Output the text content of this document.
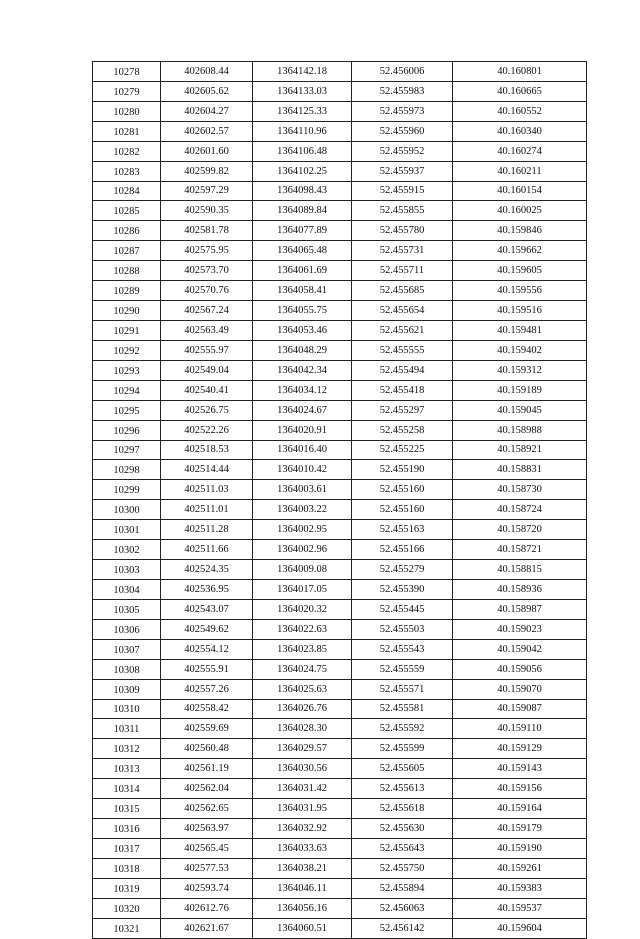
10278	402608.44	1364142.18	52.456006	40.160801
10279	402605.62	1364133.03	52.455983	40.160665
10280	402604.27	1364125.33	52.455973	40.160552
10281	402602.57	1364110.96	52.455960	40.160340
10282	402601.60	1364106.48	52.455952	40.160274
10283	402599.82	1364102.25	52.455937	40.160211
10284	402597.29	1364098.43	52.455915	40.160154
10285	402590.35	1364089.84	52.455855	40.160025
10286	402581.78	1364077.89	52.455780	40.159846
10287	402575.95	1364065.48	52.455731	40.159662
10288	402573.70	1364061.69	52.455711	40.159605
10289	402570.76	1364058.41	52.455685	40.159556
10290	402567.24	1364055.75	52.455654	40.159516
10291	402563.49	1364053.46	52.455621	40.159481
10292	402555.97	1364048.29	52.455555	40.159402
10293	402549.04	1364042.34	52.455494	40.159312
10294	402540.41	1364034.12	52.455418	40.159189
10295	402526.75	1364024.67	52.455297	40.159045
10296	402522.26	1364020.91	52.455258	40.158988
10297	402518.53	1364016.40	52.455225	40.158921
10298	402514.44	1364010.42	52.455190	40.158831
10299	402511.03	1364003.61	52.455160	40.158730
10300	402511.01	1364003.22	52.455160	40.158724
10301	402511.28	1364002.95	52.455163	40.158720
10302	402511.66	1364002.96	52.455166	40.158721
10303	402524.35	1364009.08	52.455279	40.158815
10304	402536.95	1364017.05	52.455390	40.158936
10305	402543.07	1364020.32	52.455445	40.158987
10306	402549.62	1364022.63	52.455503	40.159023
10307	402554.12	1364023.85	52.455543	40.159042
10308	402555.91	1364024.75	52.455559	40.159056
10309	402557.26	1364025.63	52.455571	40.159070
10310	402558.42	1364026.76	52.455581	40.159087
10311	402559.69	1364028.30	52.455592	40.159110
10312	402560.48	1364029.57	52.455599	40.159129
10313	402561.19	1364030.56	52.455605	40.159143
10314	402562.04	1364031.42	52.455613	40.159156
10315	402562.65	1364031.95	52.455618	40.159164
10316	402563.97	1364032.92	52.455630	40.159179
10317	402565.45	1364033.63	52.455643	40.159190
10318	402577.53	1364038.21	52.455750	40.159261
10319	402593.74	1364046.11	52.455894	40.159383
10320	402612.76	1364056.16	52.456063	40.159537
10321	402621.67	1364060.51	52.456142	40.159604
